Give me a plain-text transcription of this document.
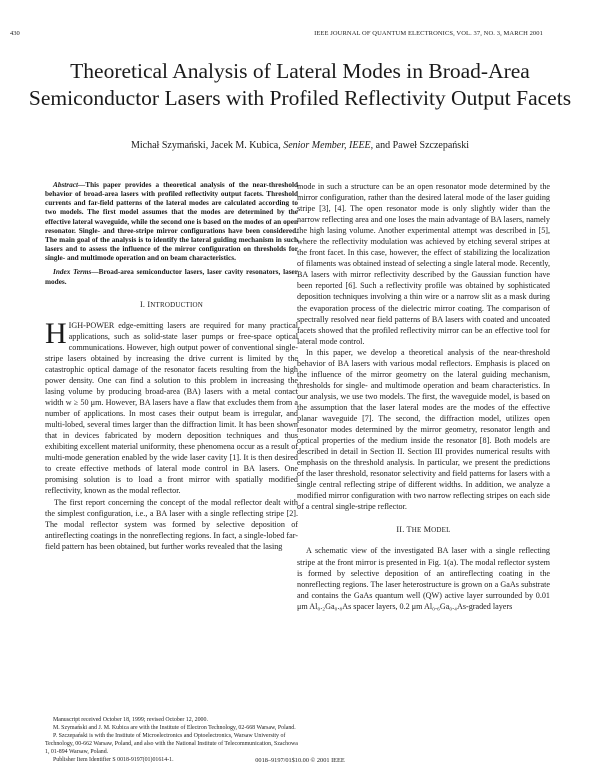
430	IEEE JOURNAL OF QUANTUM ELECTRONICS, VOL. 37, NO. 3, MARCH 2001
Theoretical Analysis of Lateral Modes in Broad-Area Semiconductor Lasers with Profiled Reflectivity Output Facets
Michał Szymański, Jacek M. Kubica, Senior Member, IEEE, and Paweł Szczepański

Abstract—This paper provides a theoretical analysis of the near-threshold behavior of broad-area lasers with profiled reflectivity output facets. Threshold currents and far-field patterns of the lateral modes are calculated according to two models. The first model assumes that the modes are determined by the effective lateral waveguide, while the second one is based on the modes of an open resonator. Single- and three-stripe mirror configurations have been considered. The main goal of the analysis is to identify the lateral guiding mechanism in such lasers and to assess the influence of the mirror configuration on thresholds for single- and multimode operation and on beam characteristics.

Index Terms—Broad-area semiconductor lasers, laser cavity resonators, laser modes.

I. INTRODUCTION

HIGH-POWER edge-emitting lasers are required for many practical applications, such as solid-state laser pumps or free-space optical communications. However, high output power of conventional single-stripe lasers obtained by increasing the drive current is limited by the catastrophic optical damage of the resonator facets resulting from the high power density. One can find a solution to this problem in increasing the lasing volume by producing broad-area (BA) lasers with a metal contact width w ≥ 50 μm. However, BA lasers have a flaw that excludes them from a number of applications. In most cases their output beam is irregular, and multi-lobed, several times larger than the diffraction limit. It has been shown that in devices fabricated by modern deposition techniques and thus exhibiting excellent material uniformity, these phenomena occur as a result of multi-mode generation enabled by the wide laser cavity [1]. It is then desired to create effective methods of lateral mode control in BA lasers. One promising solution is to load a front mirror with spatially modified reflectivity, known as the modal reflector.

The first report concerning the concept of the modal reflector dealt with the simplest configuration, i.e., a BA laser with a single reflecting stripe [2]. The modal reflector system was formed by selective deposition of antireflecting coatings in the nonreflecting regions. In fact, a single-lobed far-field pattern has been obtained, but further works revealed that the lasing

Manuscript received October 18, 1999; revised October 12, 2000.

M. Szymański and J. M. Kubica are with the Institute of Electron Technology, 02-668 Warsaw, Poland.

P. Szczepański is with the Institute of Microelectronics and Optoelectronics, Warsaw University of Technology, 00-662 Warsaw, Poland, and also with the National Institute of Telecommunication, Szachowa 1, 01-894 Warsaw, Poland.

Publisher Item Identifier S 0018-9197(01)01614-1.

mode in such a structure can be an open resonator mode determined by the mirror configuration, rather than the desired lateral mode of the laser guiding stripe [3], [4]. The open resonator mode is only slightly wider than the narrow reflecting area and one loses the main advantage of BA lasers, namely the high lasing volume. Another experimental attempt was described in [5], where the reflectivity modulation was achieved by etching several stripes at the front facet. In this case, however, the effect of stabilizing the localization of filaments was obtained instead of selecting a single lateral mode. Recently, BA lasers with mirror reflectivity described by the Gaussian function have been reported [6]. Such a reflectivity profile was obtained by sophisticated deposition techniques involving a thin wire or a narrow slit as a mask during the evaporation process of the dielectric mirror coating. The comparison of spectrally resolved near field patterns of BA lasers with coated and uncoated facets showed that the profiled reflectivity mirror can be an effective tool for lateral mode control.

In this paper, we develop a theoretical analysis of the near-threshold behavior of BA lasers with various modal reflectors. Emphasis is placed on the influence of the mirror geometry on the lateral guiding mechanism, thresholds for single- and multimode operation and beam characteristics. In our analysis, we use two models. The first, the waveguide model, is based on the assumption that the laser lateral modes are the modes of the effective planar waveguide [7]. The second, the diffraction model, utilizes open resonator modes determined by the mirror geometry, resonator length and optical properties of the medium inside the resonator [8]. Both models are described in detail in Section II. Section III provides numerical results with emphasis on the threshold analysis. In particular, we present the predictions of the laser threshold, resonator selectivity and field patterns for lasers with a single central reflecting stripe of different widths. In addition, we analyze a modified mirror configuration with two narrow reflecting stripes on each side of a central single-stripe reflector.

II. THE MODEL

A schematic view of the investigated BA laser with a single reflecting stripe at the front mirror is presented in Fig. 1(a). The modal reflector system is formed by selective deposition of an antireflecting coating in the nonreflecting regions. The laser heterostructure is grown on a GaAs substrate and contains the GaAs quantum well (QW) active layer surrounded by 0.01 μm Al₀.₂Ga₀.₈As spacer layers, 0.2 μm Al₀.₆Ga₀.₄As-graded layers

0018–9197/01$10.00 © 2001 IEEE
